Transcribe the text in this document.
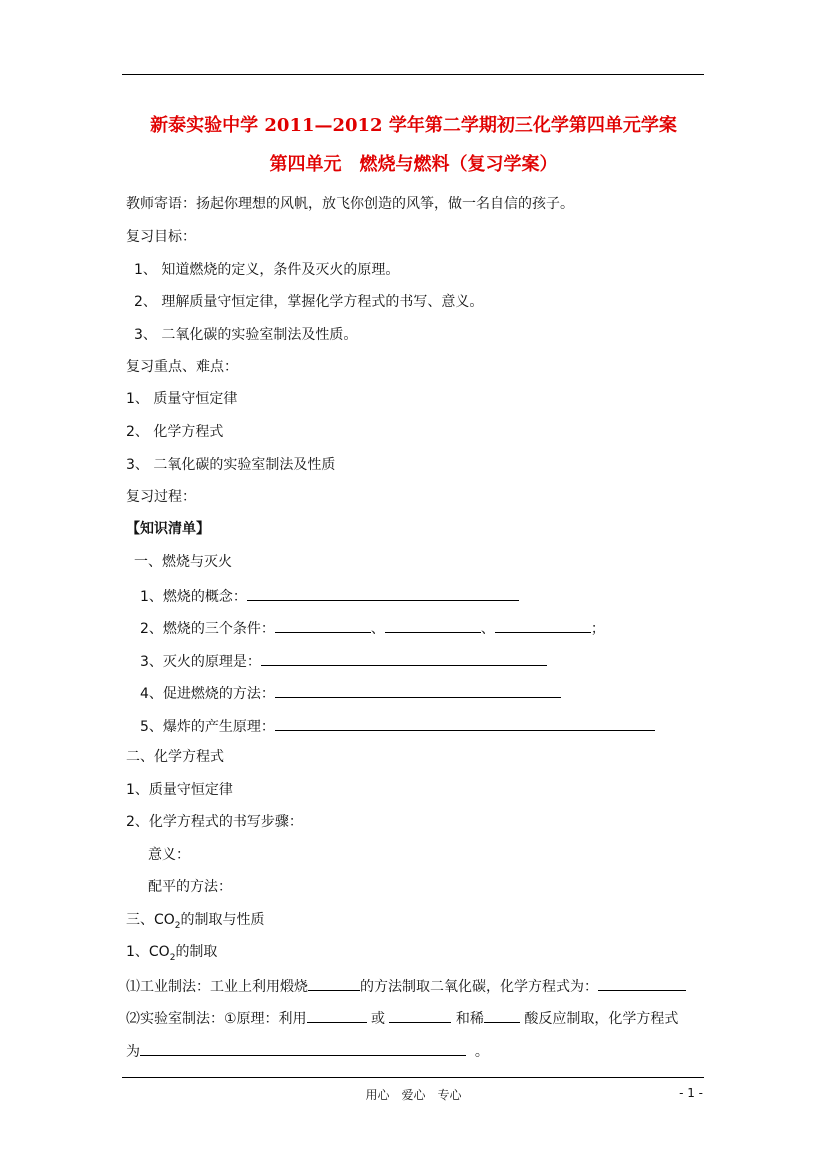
新泰实验中学 2011—2012 学年第二学期初三化学第四单元学案
第四单元　燃烧与燃料（复习学案）
教师寄语：扬起你理想的风帆，放飞你创造的风筝，做一名自信的孩子。
复习目标：
1、 知道燃烧的定义，条件及灭火的原理。
2、 理解质量守恒定律，掌握化学方程式的书写、意义。
3、 二氧化碳的实验室制法及性质。
复习重点、难点：
1、 质量守恒定律
2、 化学方程式
3、 二氧化碳的实验室制法及性质
复习过程：
【知识清单】
一、燃烧与灭火
1、燃烧的概念：
2、燃烧的三个条件：	、	、	；
3、灭火的原理是：
4、促进燃烧的方法：
5、爆炸的产生原理：
二、化学方程式
1、质量守恒定律
2、化学方程式的书写步骤：
意义：
配平的方法：
三、$CO_2$的制取与性质
1、$CO_2$的制取
⑴工业制法：工业上利用煅烧	的方法制取二氧化碳，化学方程式为：
⑵实验室制法：①原理：利用	或	和稀	酸反应制取，化学方程式
为	。
用心　爱心　专心	- 1 -
